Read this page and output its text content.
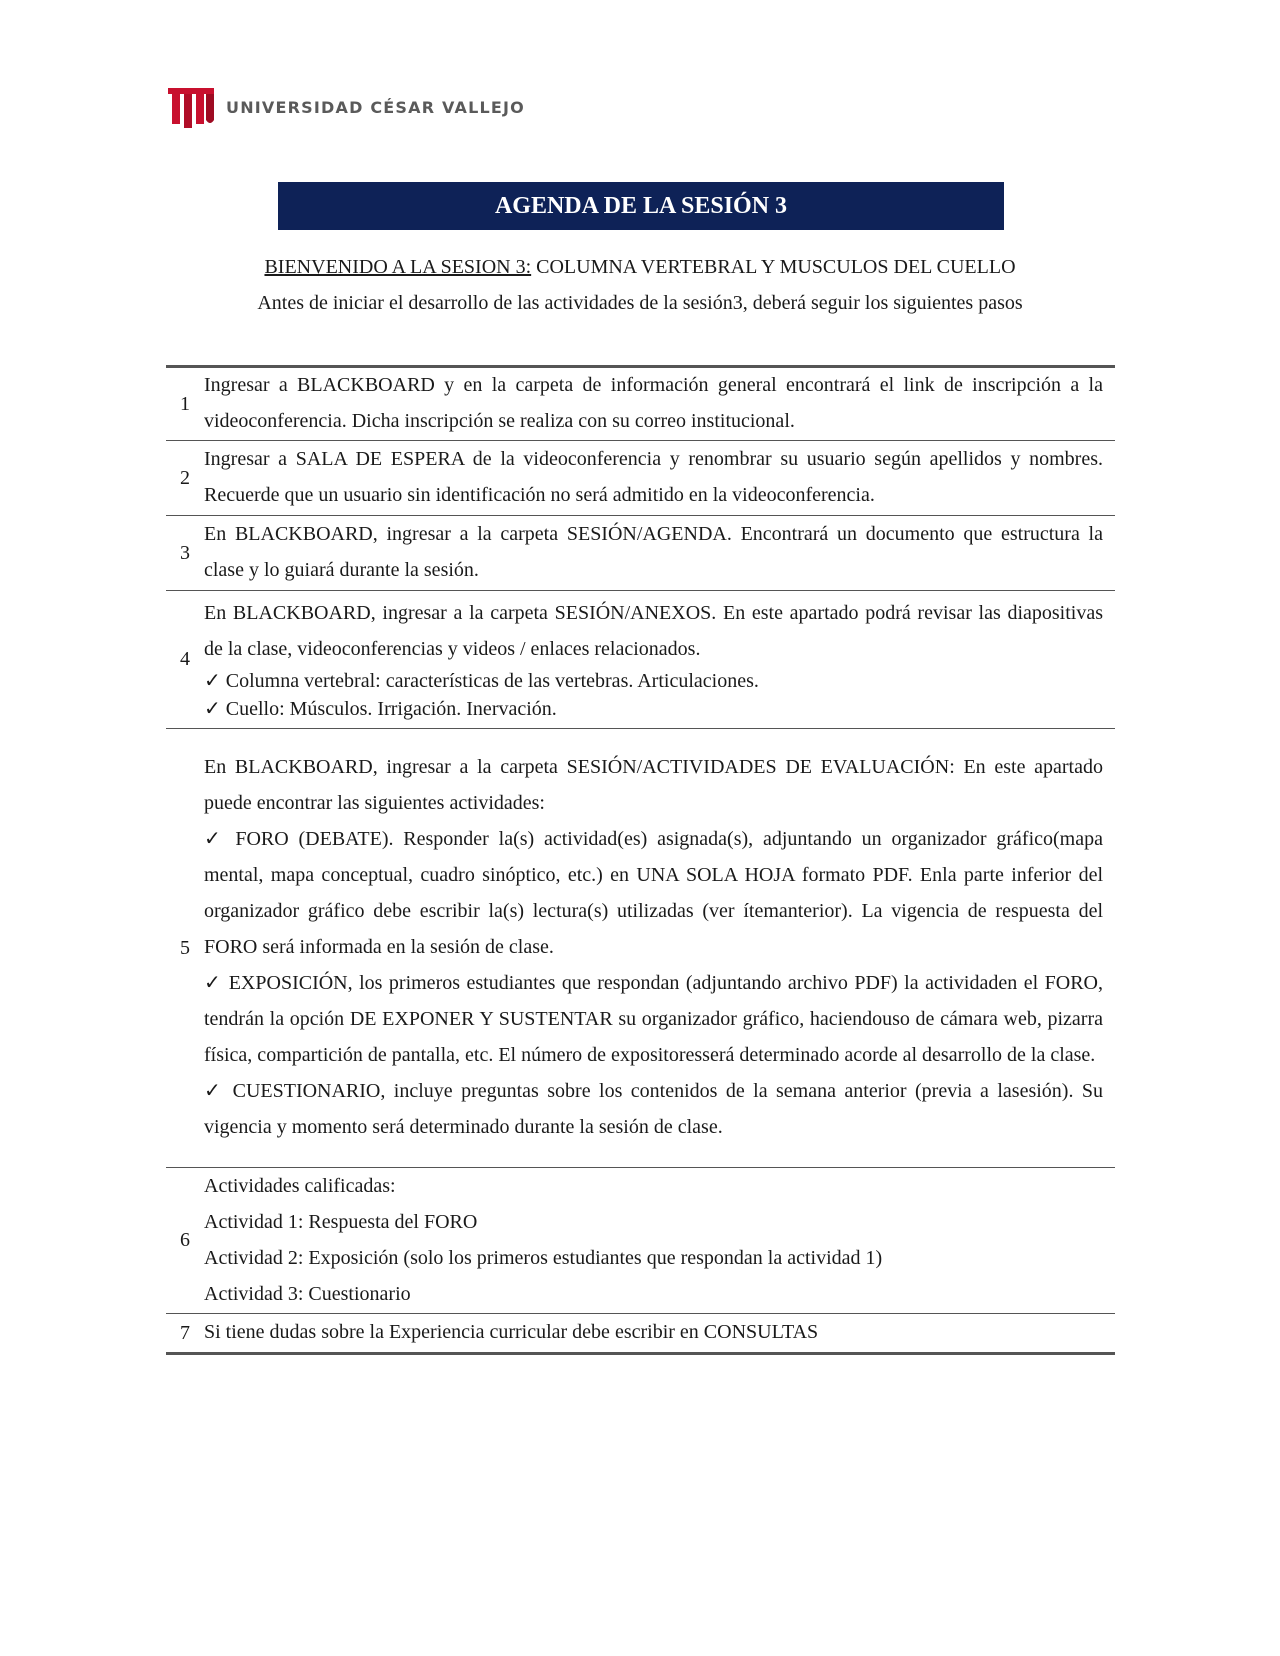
UNIVERSIDAD CÉSAR VALLEJO
AGENDA DE LA SESIÓN 3
BIENVENIDO A LA SESION 3: COLUMNA VERTEBRAL Y MUSCULOS DEL CUELLO
Antes de iniciar el desarrollo de las actividades de la sesión3, deberá seguir los siguientes pasos
1

Ingresar a BLACKBOARD y en la carpeta de información general encontrará el link de inscripción a la videoconferencia. Dicha inscripción se realiza con su correo institucional.

2

Ingresar a SALA DE ESPERA de la videoconferencia y renombrar su usuario según apellidos y nombres. Recuerde que un usuario sin identificación no será admitido en la videoconferencia.

3

En BLACKBOARD, ingresar a la carpeta SESIÓN/AGENDA. Encontrará un documento que estructura la clase y lo guiará durante la sesión.

4

En BLACKBOARD, ingresar a la carpeta SESIÓN/ANEXOS. En este apartado podrá revisar las diapositivas de la clase, videoconferencias y videos / enlaces relacionados.

✓ Columna vertebral: características de las vertebras. Articulaciones.

✓ Cuello: Músculos. Irrigación. Inervación.

5

En BLACKBOARD, ingresar a la carpeta SESIÓN/ACTIVIDADES DE EVALUACIÓN: En este apartado puede encontrar las siguientes actividades:

✓ FORO (DEBATE). Responder la(s) actividad(es) asignada(s), adjuntando un organizador gráfico(mapa mental, mapa conceptual, cuadro sinóptico, etc.) en UNA SOLA HOJA formato PDF. Enla parte inferior del organizador gráfico debe escribir la(s) lectura(s) utilizadas (ver ítemanterior). La vigencia de respuesta del FORO será informada en la sesión de clase.

✓ EXPOSICIÓN, los primeros estudiantes que respondan (adjuntando archivo PDF) la actividaden el FORO, tendrán la opción DE EXPONER Y SUSTENTAR su organizador gráfico, haciendouso de cámara web, pizarra física, compartición de pantalla, etc. El número de expositoresserá determinado acorde al desarrollo de la clase.

✓ CUESTIONARIO, incluye preguntas sobre los contenidos de la semana anterior (previa a lasesión). Su vigencia y momento será determinado durante la sesión de clase.

6

Actividades calificadas:

Actividad 1: Respuesta del FORO

Actividad 2: Exposición (solo los primeros estudiantes que respondan la actividad 1)

Actividad 3: Cuestionario

7 Si tiene dudas sobre la Experiencia curricular debe escribir en CONSULTAS
